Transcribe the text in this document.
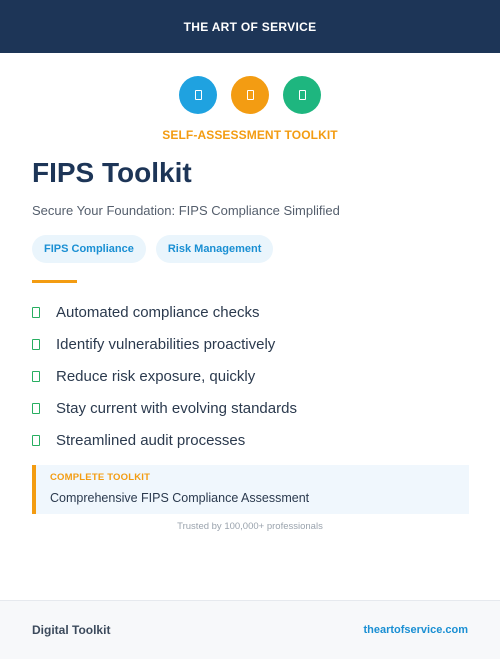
THE ART OF SERVICE
SELF-ASSESSMENT TOOLKIT
FIPS Toolkit

Secure Your Foundation: FIPS Compliance Simplified

FIPS Compliance	Risk Management
Automated compliance checks
Identify vulnerabilities proactively
Reduce risk exposure, quickly
Stay current with evolving standards
Streamlined audit processes
COMPLETE TOOLKIT
Comprehensive FIPS Compliance Assessment
Trusted by 100,000+ professionals
Digital Toolkit	theartofservice.com
